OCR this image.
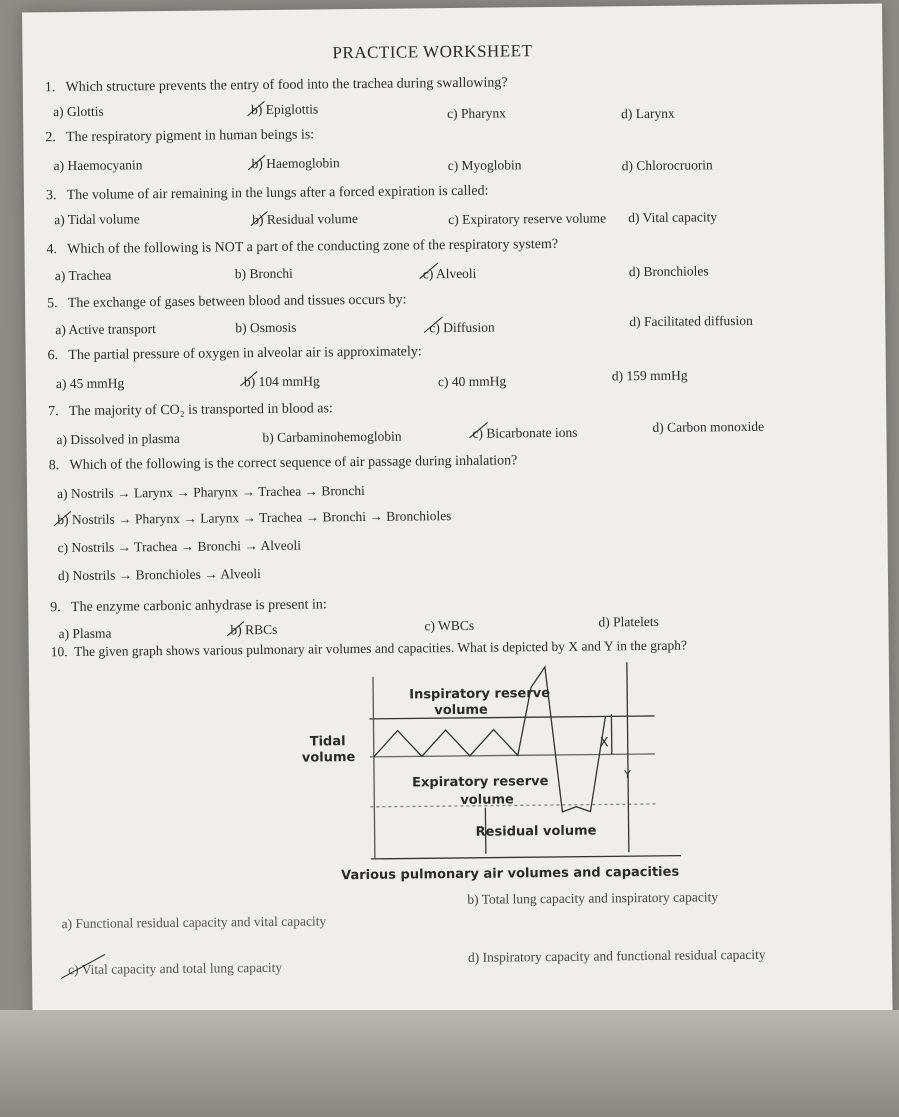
PRACTICE WORKSHEET
1. Which structure prevents the entry of food into the trachea during swallowing?
a) Glottis	b) Epiglottis	c) Pharynx	d) Larynx
2. The respiratory pigment in human beings is:
a) Haemocyanin	b) Haemoglobin	c) Myoglobin	d) Chlorocruorin
3. The volume of air remaining in the lungs after a forced expiration is called:
a) Tidal volume	b) Residual volume	c) Expiratory reserve volume d) Vital capacity
4. Which of the following is NOT a part of the conducting zone of the respiratory system?
a) Trachea	b) Bronchi	c) Alveoli	d) Bronchioles
5. The exchange of gases between blood and tissues occurs by:
a) Active transport	b) Osmosis	c) Diffusion	d) Facilitated diffusion
6. The partial pressure of oxygen in alveolar air is approximately:
a) 45 mmHg	b) 104 mmHg	c) 40 mmHg	d) 159 mmHg
7. The majority of CO₂ is transported in blood as:
a) Dissolved in plasma	b) Carbaminohemoglobin	c) Bicarbonate ions	d) Carbon monoxide
8. Which of the following is the correct sequence of air passage during inhalation?
a) Nostrils → Larynx → Pharynx → Trachea → Bronchi
b) Nostrils → Pharynx → Larynx → Trachea → Bronchi → Bronchioles
c) Nostrils → Trachea → Bronchi → Alveoli
d) Nostrils → Bronchioles → Alveoli
9. The enzyme carbonic anhydrase is present in:
a) Plasma	b) RBCs	c) WBCs	d) Platelets
10. The given graph shows various pulmonary air volumes and capacities. What is depicted by X and Y in the graph?
Inspiratory reserve
volume
Tidal
volume
Expiratory reserve
volume
Residual volume
X
Y
Various pulmonary air volumes and capacities
a) Functional residual capacity and vital capacity
b) Total lung capacity and inspiratory capacity
c) Vital capacity and total lung capacity
d) Inspiratory capacity and functional residual capacity
